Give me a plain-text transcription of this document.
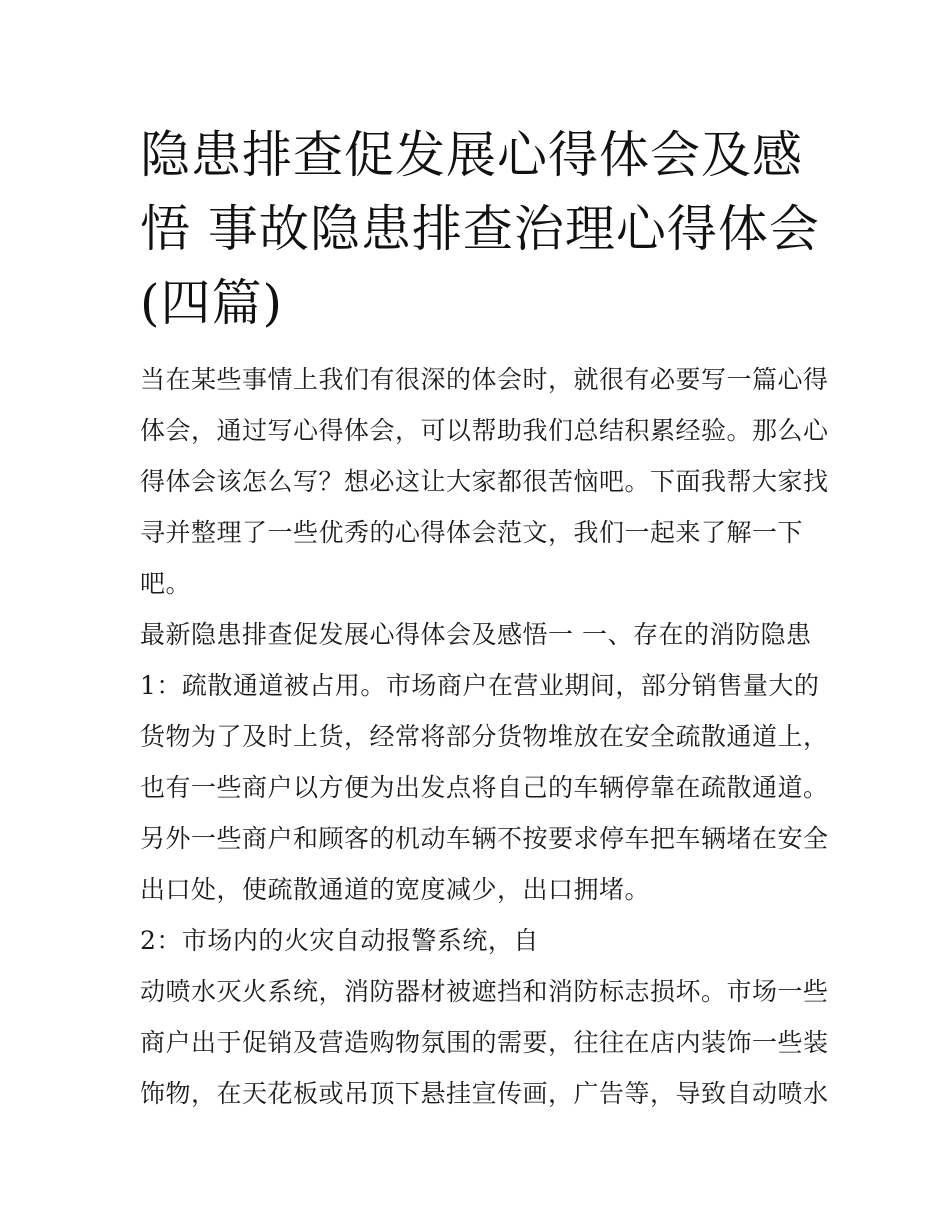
隐患排查促发展心得体会及感
悟 事故隐患排查治理心得体会
(四篇)
当在某些事情上我们有很深的体会时，就很有必要写一篇心得
体会，通过写心得体会，可以帮助我们总结积累经验。那么心
得体会该怎么写？想必这让大家都很苦恼吧。下面我帮大家找
寻并整理了一些优秀的心得体会范文，我们一起来了解一下
吧。
最新隐患排查促发展心得体会及感悟一 一、存在的消防隐患
1：疏散通道被占用。市场商户在营业期间，部分销售量大的
货物为了及时上货，经常将部分货物堆放在安全疏散通道上，
也有一些商户以方便为出发点将自己的车辆停靠在疏散通道。
另外一些商户和顾客的机动车辆不按要求停车把车辆堵在安全
出口处，使疏散通道的宽度减少，出口拥堵。
2：市场内的火灾自动报警系统，自
动喷水灭火系统，消防器材被遮挡和消防标志损坏。市场一些
商户出于促销及营造购物氛围的需要，往往在店内装饰一些装
饰物，在天花板或吊顶下悬挂宣传画，广告等，导致自动喷水
